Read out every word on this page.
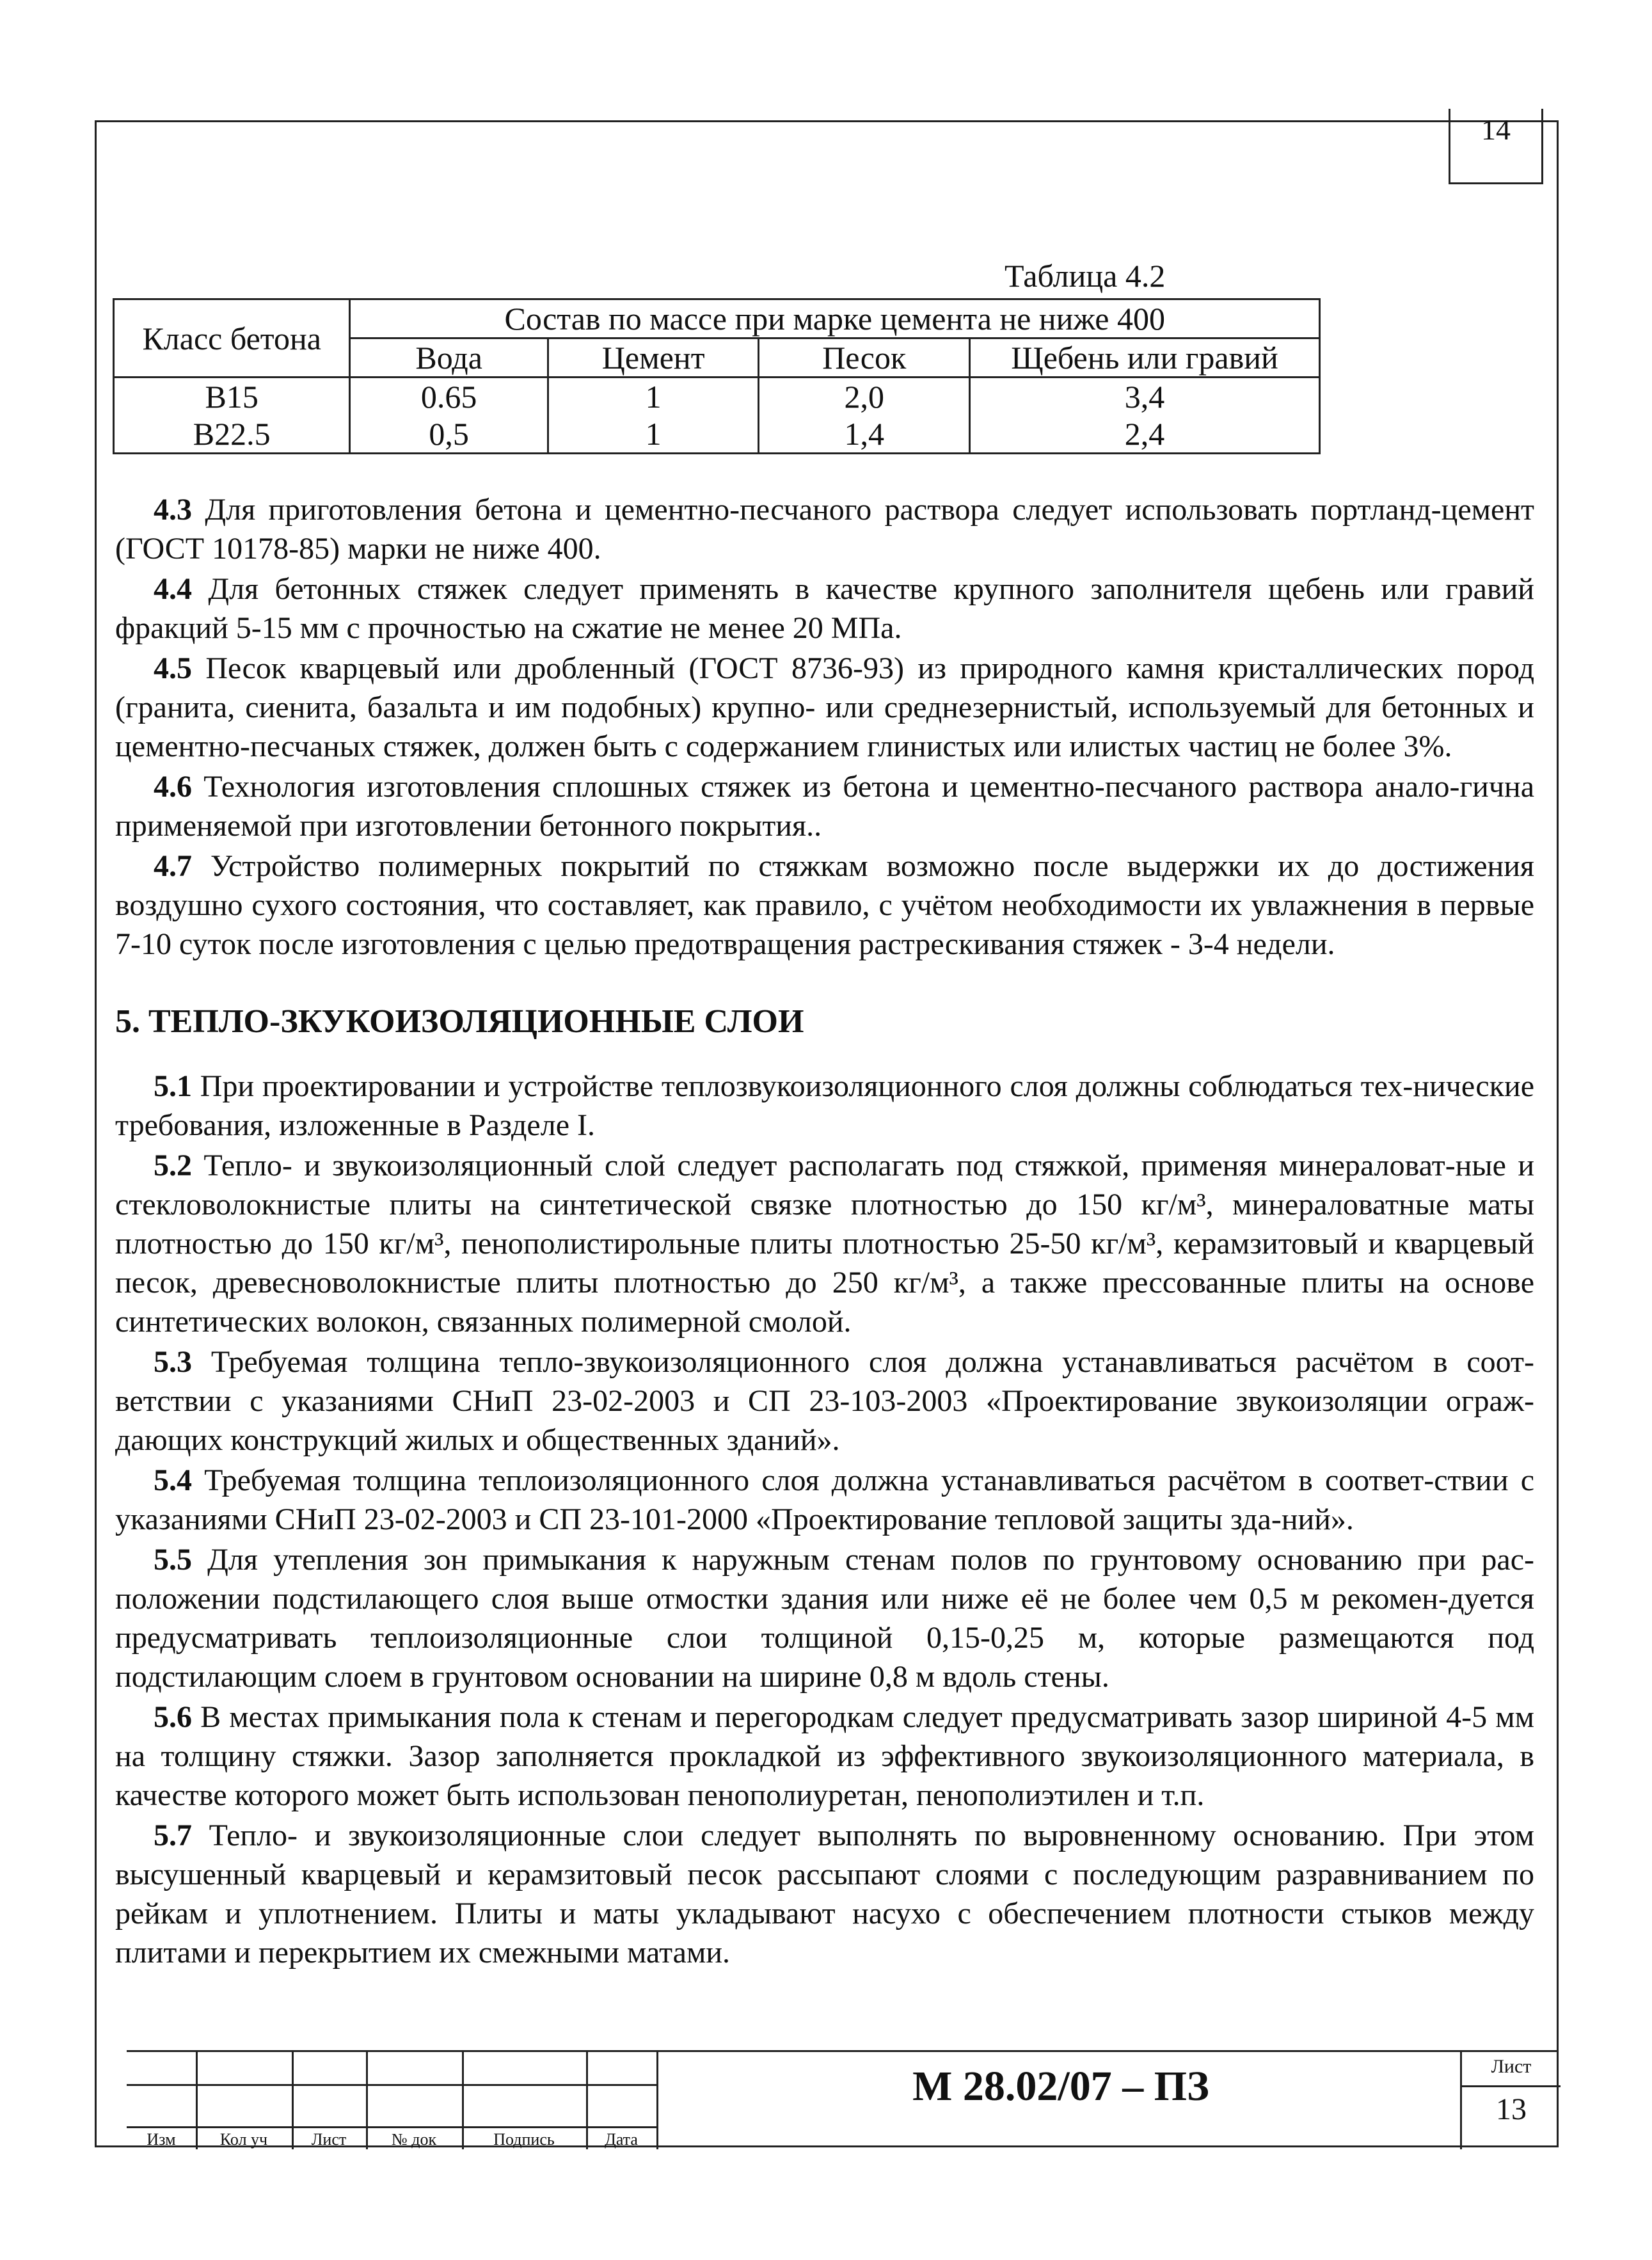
14
Таблица 4.2
Класс бетона	Состав по массе при марке цемента не ниже 400			
	Вода	Цемент	Песок	Щебень или гравий
B15	0.65	1	2,0	3,4
B22.5	0,5	1	1,4	2,4

4.3 Для приготовления бетона и цементно-песчаного раствора следует использовать портланд-цемент (ГОСТ 10178-85) марки не ниже 400.

4.4 Для бетонных стяжек следует применять в качестве крупного заполнителя щебень или гравий фракций 5-15 мм с прочностью на сжатие не менее 20 МПа.

4.5 Песок кварцевый или дробленный (ГОСТ 8736-93) из природного камня кристаллических пород (гранита, сиенита, базальта и им подобных) крупно- или среднезернистый, используемый для бетонных и цементно-песчаных стяжек, должен быть с содержанием глинистых или илистых частиц не более 3%.

4.6 Технология изготовления сплошных стяжек из бетона и цементно-песчаного раствора анало-гична применяемой при изготовлении бетонного покрытия..

4.7 Устройство полимерных покрытий по стяжкам возможно после выдержки их до достижения воздушно сухого состояния, что составляет, как правило, с учётом необходимости их увлажнения в первые 7-10 суток после изготовления с целью предотвращения растрескивания стяжек - 3-4 недели.

5. ТЕПЛО-ЗКУКОИЗОЛЯЦИОННЫЕ СЛОИ

5.1 При проектировании и устройстве теплозвукоизоляционного слоя должны соблюдаться тех-нические требования, изложенные в Разделе I.

5.2 Тепло- и звукоизоляционный слой следует располагать под стяжкой, применяя минераловат-ные и стекловолокнистые плиты на синтетической связке плотностью до 150 кг/м³, минераловатные маты плотностью до 150 кг/м³, пенополистирольные плиты плотностью 25-50 кг/м³, керамзитовый и кварцевый песок, древесноволокнистые плиты плотностью до 250 кг/м³, а также прессованные плиты на основе синтетических волокон, связанных полимерной смолой.

5.3 Требуемая толщина тепло-звукоизоляционного слоя должна устанавливаться расчётом в соот-ветствии с указаниями СНиП 23-02-2003 и СП 23-103-2003 «Проектирование звукоизоляции ограж-дающих конструкций жилых и общественных зданий».

5.4 Требуемая толщина теплоизоляционного слоя должна устанавливаться расчётом в соответ-ствии с указаниями СНиП 23-02-2003 и СП 23-101-2000 «Проектирование тепловой защиты зда-ний».

5.5 Для утепления зон примыкания к наружным стенам полов по грунтовому основанию при рас-положении подстилающего слоя выше отмостки здания или ниже её не более чем 0,5 м рекомен-дуется предусматривать теплоизоляционные слои толщиной 0,15-0,25 м, которые размещаются под подстилающим слоем в грунтовом основании на ширине 0,8 м вдоль стены.

5.6 В местах примыкания пола к стенам и перегородкам следует предусматривать зазор шириной 4-5 мм на толщину стяжки. Зазор заполняется прокладкой из эффективного звукоизоляционного материала, в качестве которого может быть использован пенополиуретан, пенополиэтилен и т.п.

5.7 Тепло- и звукоизоляционные слои следует выполнять по выровненному основанию. При этом высушенный кварцевый и керамзитовый песок рассыпают слоями с последующим разравниванием по рейкам и уплотнением. Плиты и маты укладывают насухо с обеспечением плотности стыков между плитами и перекрытием их смежными матами.

Изм	Кол уч	Лист	№ док	Подпись	Дата
М 28.02/07 – ПЗ	Лист
13
